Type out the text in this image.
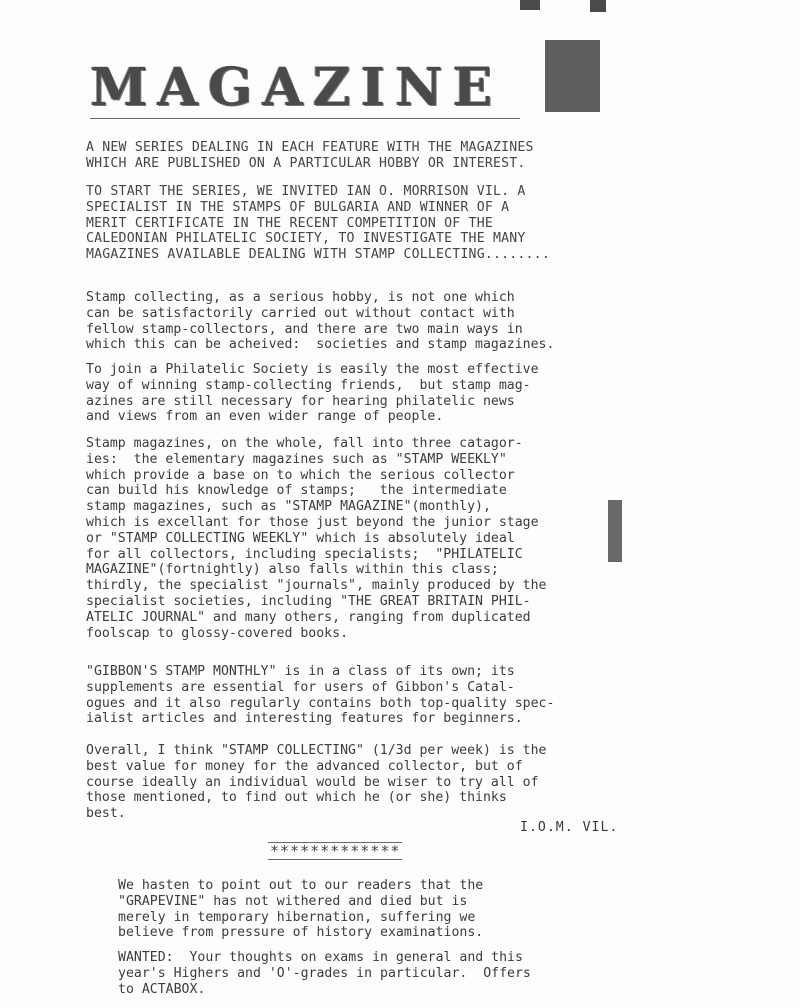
MAGAZINE
A NEW SERIES DEALING IN EACH FEATURE WITH THE MAGAZINES
WHICH ARE PUBLISHED ON A PARTICULAR HOBBY OR INTEREST.
TO START THE SERIES, WE INVITED IAN O. MORRISON VIL. A
SPECIALIST IN THE STAMPS OF BULGARIA AND WINNER OF A
MERIT CERTIFICATE IN THE RECENT COMPETITION OF THE
CALEDONIAN PHILATELIC SOCIETY, TO INVESTIGATE THE MANY
MAGAZINES AVAILABLE DEALING WITH STAMP COLLECTING........
Stamp collecting, as a serious hobby, is not one which
can be satisfactorily carried out without contact with
fellow stamp-collectors, and there are two main ways in
which this can be acheived:  societies and stamp magazines.
To join a Philatelic Society is easily the most effective
way of winning stamp-collecting friends,  but stamp mag-
azines are still necessary for hearing philatelic news
and views from an even wider range of people.
Stamp magazines, on the whole, fall into three catagor-
ies:  the elementary magazines such as "STAMP WEEKLY"
which provide a base on to which the serious collector
can build his knowledge of stamps;   the intermediate
stamp magazines, such as "STAMP MAGAZINE"(monthly),
which is excellant for those just beyond the junior stage
or "STAMP COLLECTING WEEKLY" which is absolutely ideal
for all collectors, including specialists;  "PHILATELIC
MAGAZINE"(fortnightly) also falls within this class;
thirdly, the specialist "journals", mainly produced by the
specialist societies, including "THE GREAT BRITAIN PHIL-
ATELIC JOURNAL" and many others, ranging from duplicated
foolscap to glossy-covered books.
"GIBBON'S STAMP MONTHLY" is in a class of its own; its
supplements are essential for users of Gibbon's Catal-
ogues and it also regularly contains both top-quality spec-
ialist articles and interesting features for beginners.
Overall, I think "STAMP COLLECTING" (1/3d per week) is the
best value for money for the advanced collector, but of
course ideally an individual would be wiser to try all of
those mentioned, to find out which he (or she) thinks
best.
I.O.M. VIL.
*************
We hasten to point out to our readers that the
"GRAPEVINE" has not withered and died but is
merely in temporary hibernation, suffering we
believe from pressure of history examinations.
WANTED:  Your thoughts on exams in general and this
year's Highers and 'O'-grades in particular.  Offers
to ACTABOX.
